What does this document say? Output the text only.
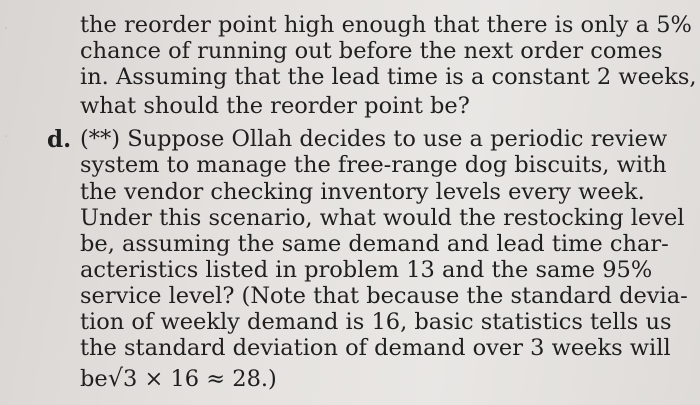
·
·
the reorder point high enough that there is only a 5%
chance of running out before the next order comes
in. Assuming that the lead time is a constant 2 weeks,
what should the reorder point be?
d. (**) Suppose Ollah decides to use a periodic review
system to manage the free-range dog biscuits, with
the vendor checking inventory levels every week.
Under this scenario, what would the restocking level
be, assuming the same demand and lead time char-
acteristics listed in problem 13 and the same 95%
service level? (Note that because the standard devia-
tion of weekly demand is 16, basic statistics tells us
the standard deviation of demand over 3 weeks will
be√3 × 16 ≈ 28.)
